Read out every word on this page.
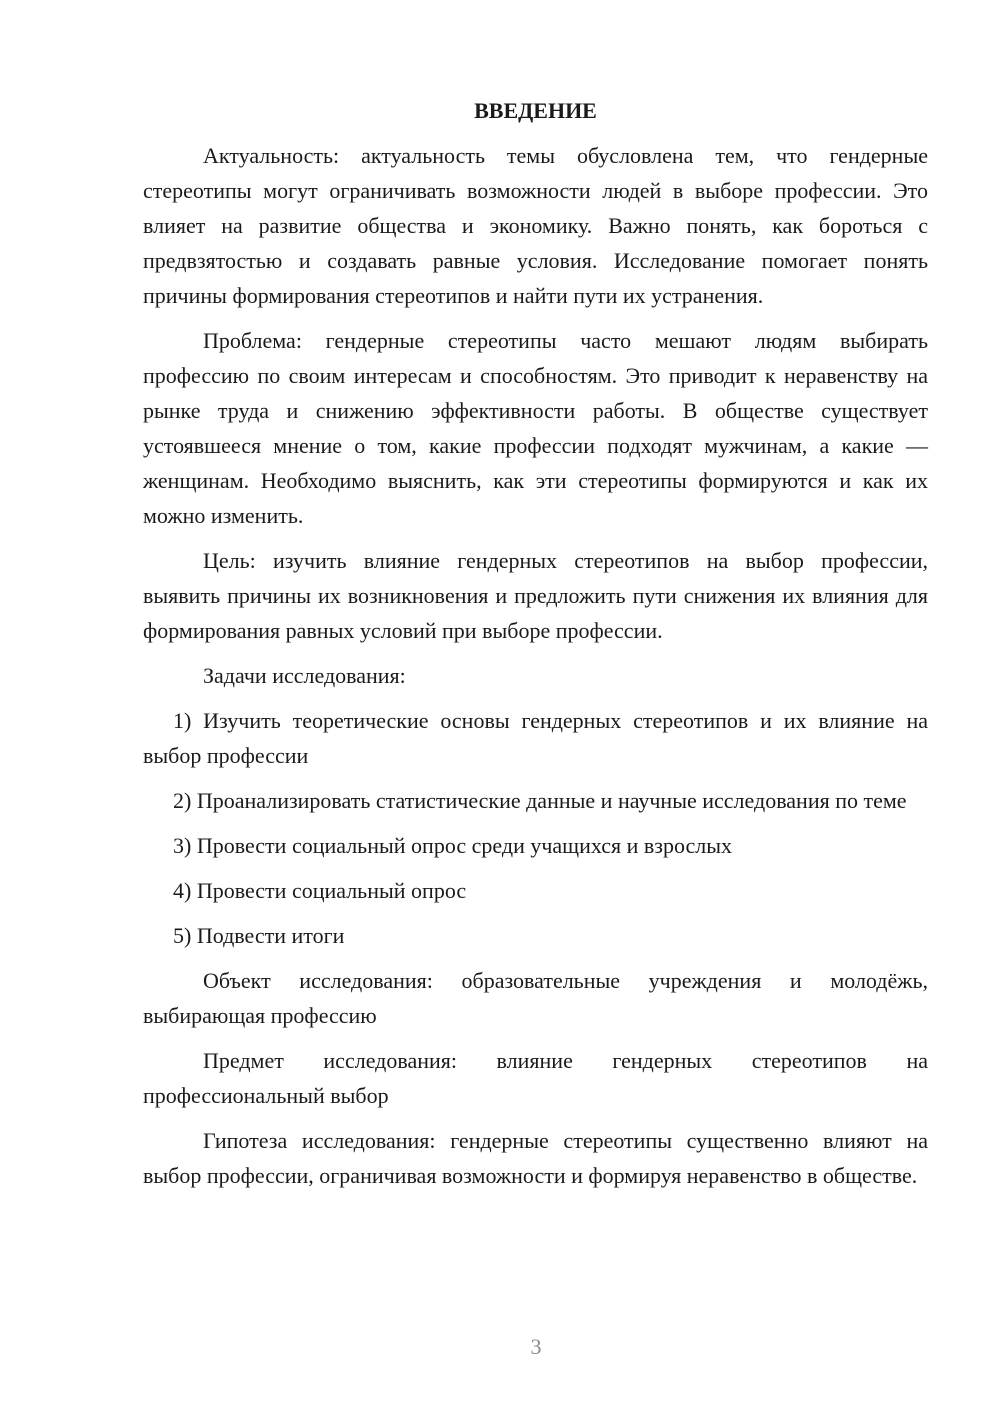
ВВЕДЕНИЕ

Актуальность: актуальность темы обусловлена тем, что гендерные стереотипы могут ограничивать возможности людей в выборе профессии. Это влияет на развитие общества и экономику. Важно понять, как бороться с предвзятостью и создавать равные условия. Исследование помогает понять причины формирования стереотипов и найти пути их устранения.

Проблема: гендерные стереотипы часто мешают людям выбирать профессию по своим интересам и способностям. Это приводит к неравенству на рынке труда и снижению эффективности работы. В обществе существует устоявшееся мнение о том, какие профессии подходят мужчинам, а какие — женщинам. Необходимо выяснить, как эти стереотипы формируются и как их можно изменить.

Цель: изучить влияние гендерных стереотипов на выбор профессии, выявить причины их возникновения и предложить пути снижения их влияния для формирования равных условий при выборе профессии.

Задачи исследования:

1) Изучить теоретические основы гендерных стереотипов и их влияние на выбор профессии
2) Проанализировать статистические данные и научные исследования по теме
3) Провести социальный опрос среди учащихся и взрослых
4) Провести социальный опрос
5) Подвести итоги

Объект исследования: образовательные учреждения и молодёжь, выбирающая профессию

Предмет исследования: влияние гендерных стереотипов на профессиональный выбор

Гипотеза исследования: гендерные стереотипы существенно влияют на выбор профессии, ограничивая возможности и формируя неравенство в обществе.

3
